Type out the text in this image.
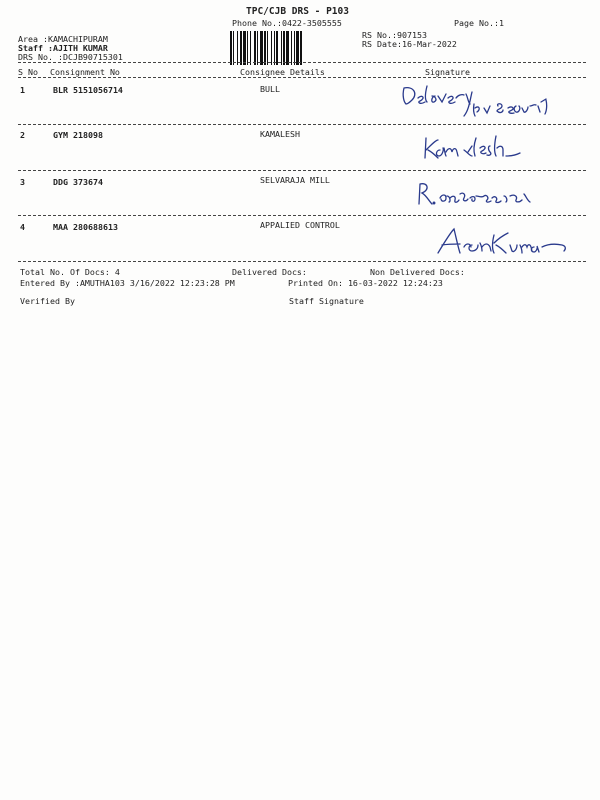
TPC/CJB DRS - P103
Phone No.:0422-3505555	Page No.:1
Area :KAMACHIPURAM
Staff :AJITH KUMAR
DRS No. :DCJB90715301
RS No.:907153
RS Date:16-Mar-2022
S No Consignment No	Consignee Details	Signature
1	BLR 5151056714	BULL
2	GYM 218098	KAMALESH
3	DDG 373674	SELVARAJA MILL
4	MAA 280688613	APPALIED CONTROL
Total No. Of Docs: 4	Delivered Docs:	Non Delivered Docs:
Entered By :AMUTHA103 3/16/2022 12:23:28 PM	Printed On: 16-03-2022 12:24:23
Verified By	Staff Signature
